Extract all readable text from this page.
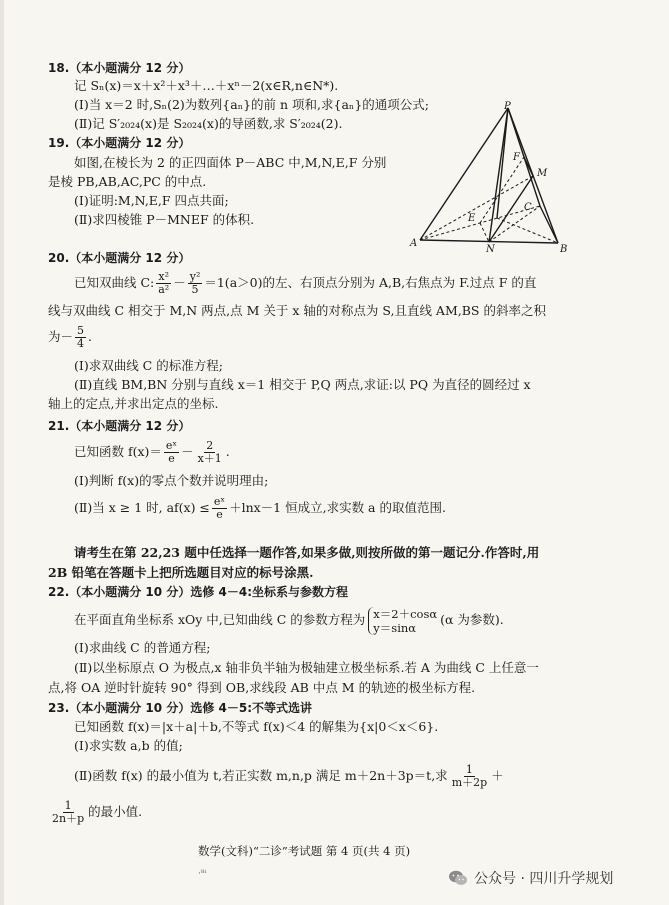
18.（本小题满分 12 分）
记 Sₙ(x)＝x＋x²＋x³＋…＋xⁿ－2(x∈R,n∈N*).
(Ⅰ)当 x＝2 时,Sₙ(2)为数列{aₙ}的前 n 项和,求{aₙ}的通项公式;
(Ⅱ)记 S′₂₀₂₄(x)是 S₂₀₂₄(x)的导函数,求 S′₂₀₂₄(2).
19.（本小题满分 12 分）
如图,在棱长为 2 的正四面体 P－ABC 中,M,N,E,F 分别
是棱 PB,AB,AC,PC 的中点.
(Ⅰ)证明:M,N,E,F 四点共面;
(Ⅱ)求四棱锥 P－MNEF 的体积.
P
A
B
C
M
N
E
F
20.（本小题满分 12 分）
已知双曲线 C: $\frac{\text{x²}}{\text{a²}} - \frac{\text{y²}}{5} =1(a>0)$的左、右顶点分别为 A,B,右焦点为 F.过点 F 的直
线与双曲线 C 相交于 M,N 两点,点 M 关于 x 轴的对称点为 S,且直线 AM,BS 的斜率之积
为－ $\frac{5}{4}$ .
(Ⅰ)求双曲线 C 的标准方程;
(Ⅱ)直线 BM,BN 分别与直线 x＝1 相交于 P,Q 两点,求证:以 PQ 为直径的圆经过 x
轴上的定点,并求出定点的坐标.
21.（本小题满分 12 分）
已知函数 $f(x)= \frac{\text{eˣ}}{e} - \frac{2}{x+1}$ .
(Ⅰ)判断 f(x)的零点个数并说明理由;
(Ⅱ)当 x ≥ 1 时, $af(x) \le \frac{\text{eˣ}}{e} +\ln x-1$ 恒成立,求实数 a 的取值范围.
请考生在第 22,23 题中任选择一题作答,如果多做,则按所做的第一题记分.作答时,用
2B 铅笔在答题卡上把所选题目对应的标号涂黑.
22.（本小题满分 10 分）选修 4－4:坐标系与参数方程
在平面直角坐标系 xOy 中,已知曲线 C 的参数方程为 x＝2＋cosα
y＝sinα
(α 为参数).
(Ⅰ)求曲线 C 的普通方程;
(Ⅱ)以坐标原点 O 为极点,x 轴非负半轴为极轴建立极坐标系.若 A 为曲线 C 上任意一
点,将 OA 逆时针旋转 90° 得到 OB,求线段 AB 中点 M 的轨迹的极坐标方程.
23.（本小题满分 10 分）选修 4－5:不等式选讲
已知函数 f(x)＝|x＋a|＋b,不等式 f(x)＜4 的解集为{x|0＜x＜6}.
(Ⅰ)求实数 a,b 的值;
(Ⅱ)函数 f(x) 的最小值为 t,若正实数 m,n,p 满足 m＋2n＋3p＝t,求 $\frac{1}{m+2p}$ ＋
$\frac{1}{2n+p}$ 的最小值.
数学(文科)“二诊”考试题 第 4 页(共 4 页)
·⁸ⁱ	公众号 · 四川升学规划
